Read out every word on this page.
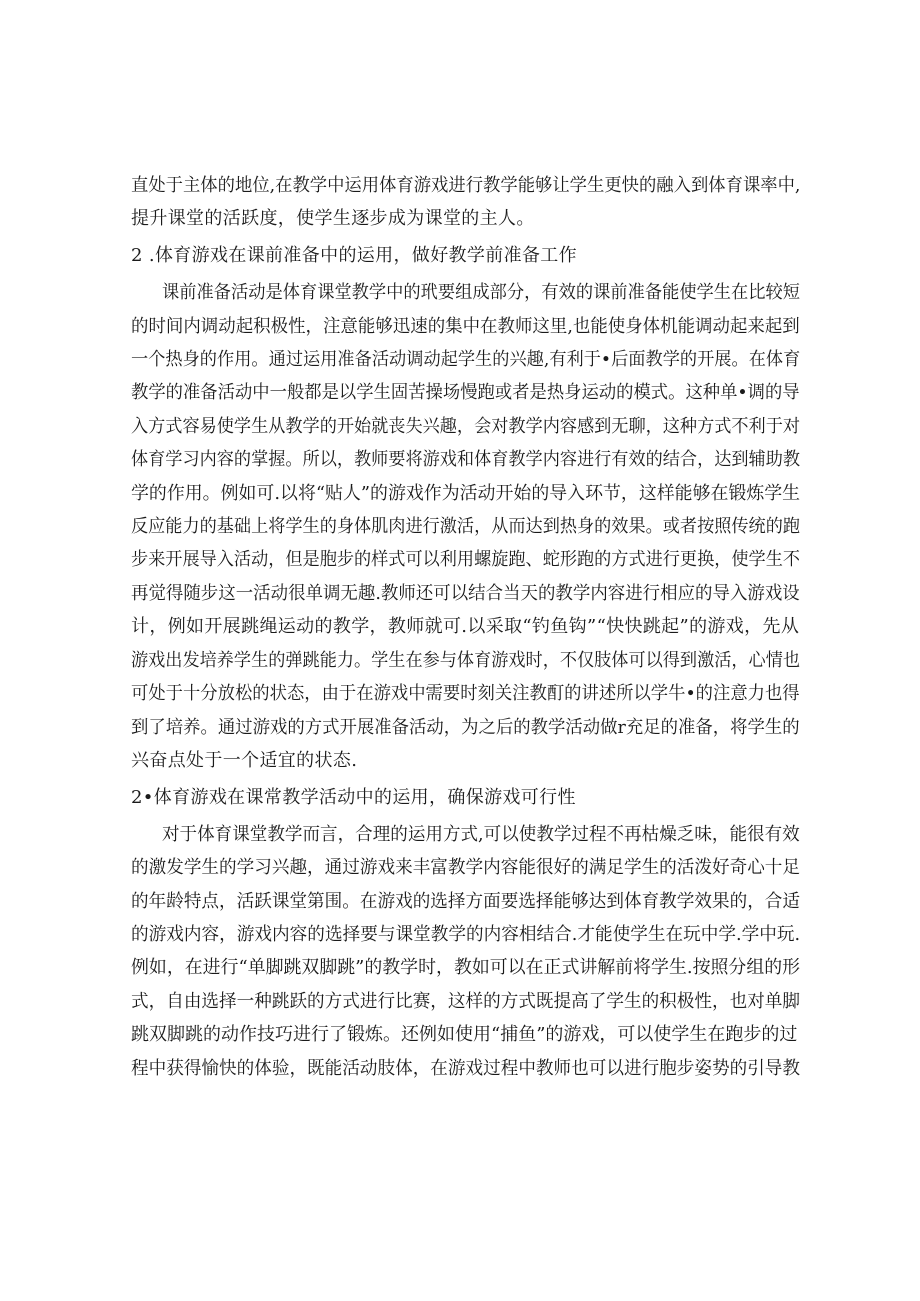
直处于主体的地位,在教学中运用体育游戏进行教学能够让学生更快的融入到体育课率中,
提升课堂的活跃度，使学生逐步成为课堂的主人。
2 .体育游戏在课前准备中的运用，做好教学前准备工作
课前准备活动是体育课堂教学中的玳要组成部分，有效的课前准备能使学生在比较短
的时间内调动起积极性，注意能够迅速的集中在教师这里,也能使身体机能调动起来起到
一个热身的作用。通过运用准备活动调动起学生的兴趣,有利于•后面教学的开展。在体育
教学的准备活动中一般都是以学生固苦操场慢跑或者是热身运动的模式。这种单•调的导
入方式容易使学生从教学的开始就丧失兴趣，会对教学内容感到无聊，这种方式不利于对
体育学习内容的掌握。所以，教师要将游戏和体育教学内容进行有效的结合，达到辅助教
学的作用。例如可.以将“贴人”的游戏作为活动开始的导入环节，这样能够在锻炼学生
反应能力的基础上将学生的身体肌肉进行激活，从而达到热身的效果。或者按照传统的跑
步来开展导入活动，但是胞步的样式可以利用螺旋跑、蛇形跑的方式进行更换，使学生不
再觉得随步这一活动很单调无趣.教师还可以结合当天的教学内容进行相应的导入游戏设
计，例如开展跳绳运动的教学，教师就可.以采取“钓鱼钩”“快快跳起”的游戏，先从
游戏出发培养学生的弹跳能力。学生在参与体育游戏时，不仅肢体可以得到激活，心情也
可处于十分放松的状态，由于在游戏中需要时刻关注教酊的讲述所以学牛•的注意力也得
到了培养。通过游戏的方式开展准备活动，为之后的教学活动做r充足的准备，将学生的
兴奋点处于一个适宜的状态.
2•体育游戏在课常教学活动中的运用，确保游戏可行性
对于体育课堂教学而言，合理的运用方式,可以使教学过程不再枯燥乏味，能很有效
的激发学生的学习兴趣，通过游戏来丰富教学内容能很好的满足学生的活泼好奇心十足
的年龄特点，活跃课堂第围。在游戏的选择方面要选择能够达到体育教学效果的，合适
的游戏内容，游戏内容的选择要与课堂教学的内容相结合.才能使学生在玩中学.学中玩.
例如，在进行“单脚跳双脚跳”的教学时，教如可以在正式讲解前将学生.按照分组的形
式，自由选择一种跳跃的方式进行比赛，这样的方式既提高了学生的积极性，也对单脚
跳双脚跳的动作技巧进行了锻炼。还例如使用“捕鱼”的游戏，可以使学生在跑步的过
程中获得愉快的体验，既能活动肢体，在游戏过程中教师也可以进行胞步姿势的引导教
